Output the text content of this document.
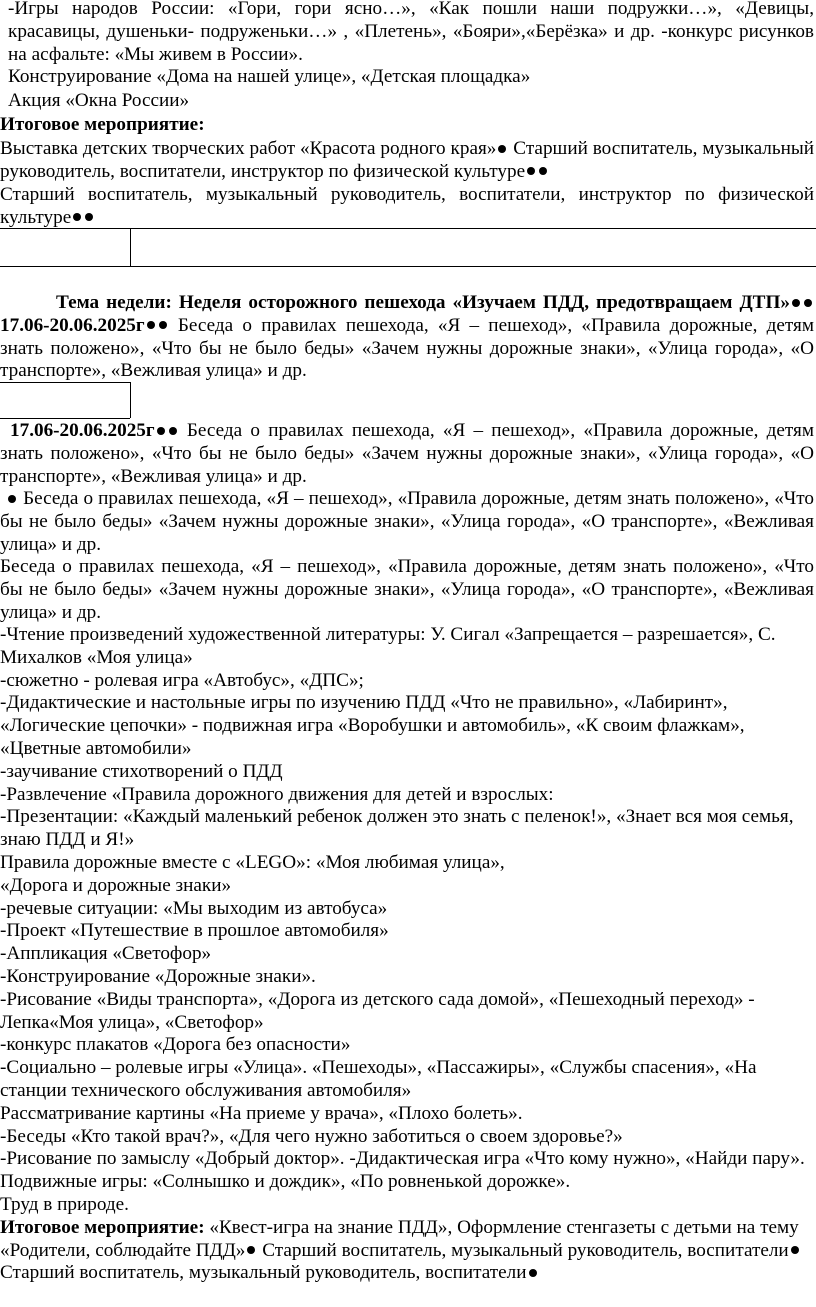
-Игры народов России: «Гори, гори ясно…», «Как пошли наши подружки…», «Девицы, красавицы, душеньки- подруженьки…» , «Плетень», «Бояри»,«Берёзка» и др. -конкурс рисунков на асфальте: «Мы живем в России».

Конструирование «Дома на нашей улице», «Детская площадка»

Акция «Окна России»

Итоговое мероприятие:

Выставка детских творческих работ «Красота родного края» Старший воспитатель, музыкальный руководитель, воспитатели, инструктор по физической культуре

Старший воспитатель, музыкальный руководитель, воспитатели, инструктор по физической культуре

Тема недели: Неделя осторожного пешехода «Изучаем ПДД, предотвращаем ДТП» 17.06-20.06.2025г Беседа о правилах пешехода, «Я – пешеход», «Правила дорожные, детям знать положено», «Что бы не было беды» «Зачем нужны дорожные знаки», «Улица города», «О транспорте», «Вежливая улица» и др.

17.06-20.06.2025г Беседа о правилах пешехода, «Я – пешеход», «Правила дорожные, детям знать положено», «Что бы не было беды» «Зачем нужны дорожные знаки», «Улица города», «О транспорте», «Вежливая улица» и др.

Беседа о правилах пешехода, «Я – пешеход», «Правила дорожные, детям знать положено», «Что бы не было беды» «Зачем нужны дорожные знаки», «Улица города», «О транспорте», «Вежливая улица» и др.

Беседа о правилах пешехода, «Я – пешеход», «Правила дорожные, детям знать положено», «Что бы не было беды» «Зачем нужны дорожные знаки», «Улица города», «О транспорте», «Вежливая улица» и др.

-Чтение произведений художественной литературы: У. Сигал «Запрещается – разрешается», С. Михалков «Моя улица»
-сюжетно - ролевая игра «Автобус», «ДПС»;
-Дидактические и настольные игры по изучению ПДД «Что не правильно», «Лабиринт», «Логические цепочки» - подвижная игра «Воробушки и автомобиль», «К своим флажкам», «Цветные автомобили»
-заучивание стихотворений о ПДД
-Развлечение «Правила дорожного движения для детей и взрослых:
-Презентации: «Каждый маленький ребенок должен это знать с пеленок!», «Знает вся моя семья, знаю ПДД и Я!»
Правила дорожные вместе с «LEGO»: «Моя любимая улица»,
«Дорога и дорожные знаки»
-речевые ситуации: «Мы выходим из автобуса»
-Проект «Путешествие в прошлое автомобиля»
-Аппликация «Светофор»
-Конструирование «Дорожные знаки».
-Рисование «Виды транспорта», «Дорога из детского сада домой», «Пешеходный переход» - Лепка«Моя улица», «Светофор»
-конкурс плакатов «Дорога без опасности»
-Социально – ролевые игры «Улица». «Пешеходы», «Пассажиры», «Службы спасения», «На станции технического обслуживания автомобиля»
Рассматривание картины «На приеме у врача», «Плохо болеть».
-Беседы «Кто такой врач?», «Для чего нужно заботиться о своем здоровье?»
-Рисование по замыслу «Добрый доктор». -Дидактическая игра «Что кому нужно», «Найди пару». Подвижные игры: «Солнышко и дождик», «По ровненькой дорожке».
Труд в природе.
Итоговое мероприятие: «Квест-игра на знание ПДД», Оформление стенгазеты с детьми на тему «Родители, соблюдайте ПДД» Старший воспитатель, музыкальный руководитель, воспитатели
Старший воспитатель, музыкальный руководитель, воспитатели
